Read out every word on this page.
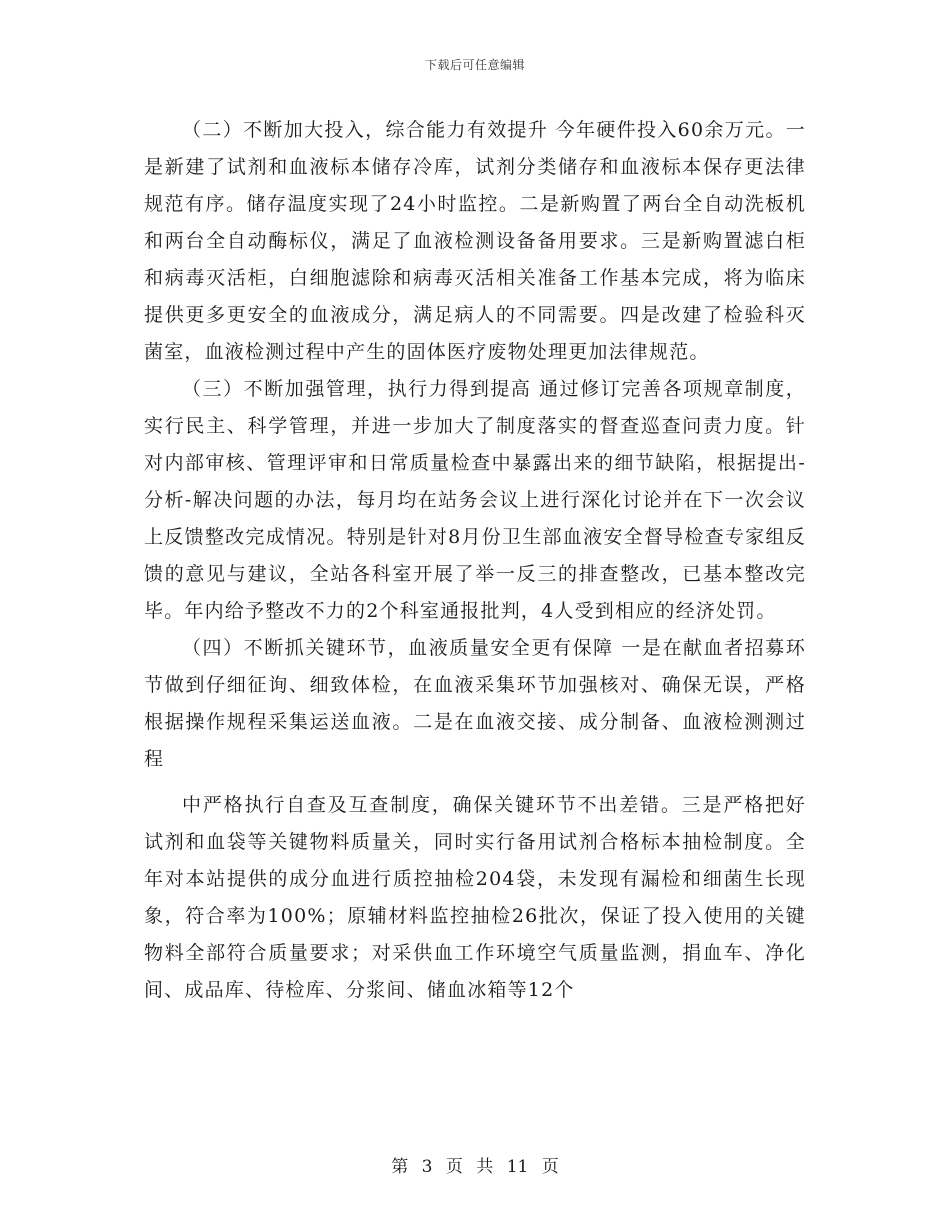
下载后可任意编辑

（二）不断加大投入，综合能力有效提升 今年硬件投入60余万元。一是新建了试剂和血液标本储存冷库，试剂分类储存和血液标本保存更法律规范有序。储存温度实现了24小时监控。二是新购置了两台全自动洗板机和两台全自动酶标仪，满足了血液检测设备备用要求。三是新购置滤白柜和病毒灭活柜，白细胞滤除和病毒灭活相关准备工作基本完成，将为临床提供更多更安全的血液成分，满足病人的不同需要。四是改建了检验科灭菌室，血液检测过程中产生的固体医疗废物处理更加法律规范。

（三）不断加强管理，执行力得到提高 通过修订完善各项规章制度，实行民主、科学管理，并进一步加大了制度落实的督查巡查问责力度。针对内部审核、管理评审和日常质量检查中暴露出来的细节缺陷，根据提出-分析-解决问题的办法，每月均在站务会议上进行深化讨论并在下一次会议上反馈整改完成情况。特别是针对8月份卫生部血液安全督导检查专家组反馈的意见与建议，全站各科室开展了举一反三的排查整改，已基本整改完毕。年内给予整改不力的2个科室通报批判，4人受到相应的经济处罚。

（四）不断抓关键环节，血液质量安全更有保障 一是在献血者招募环节做到仔细征询、细致体检，在血液采集环节加强核对、确保无误，严格根据操作规程采集运送血液。二是在血液交接、成分制备、血液检测测过程

中严格执行自查及互查制度，确保关键环节不出差错。三是严格把好试剂和血袋等关键物料质量关，同时实行备用试剂合格标本抽检制度。全年对本站提供的成分血进行质控抽检204袋，未发现有漏检和细菌生长现象，符合率为100%；原辅材料监控抽检26批次，保证了投入使用的关键物料全部符合质量要求；对采供血工作环境空气质量监测，捐血车、净化间、成品库、待检库、分浆间、储血冰箱等12个

第 3 页 共 11 页
